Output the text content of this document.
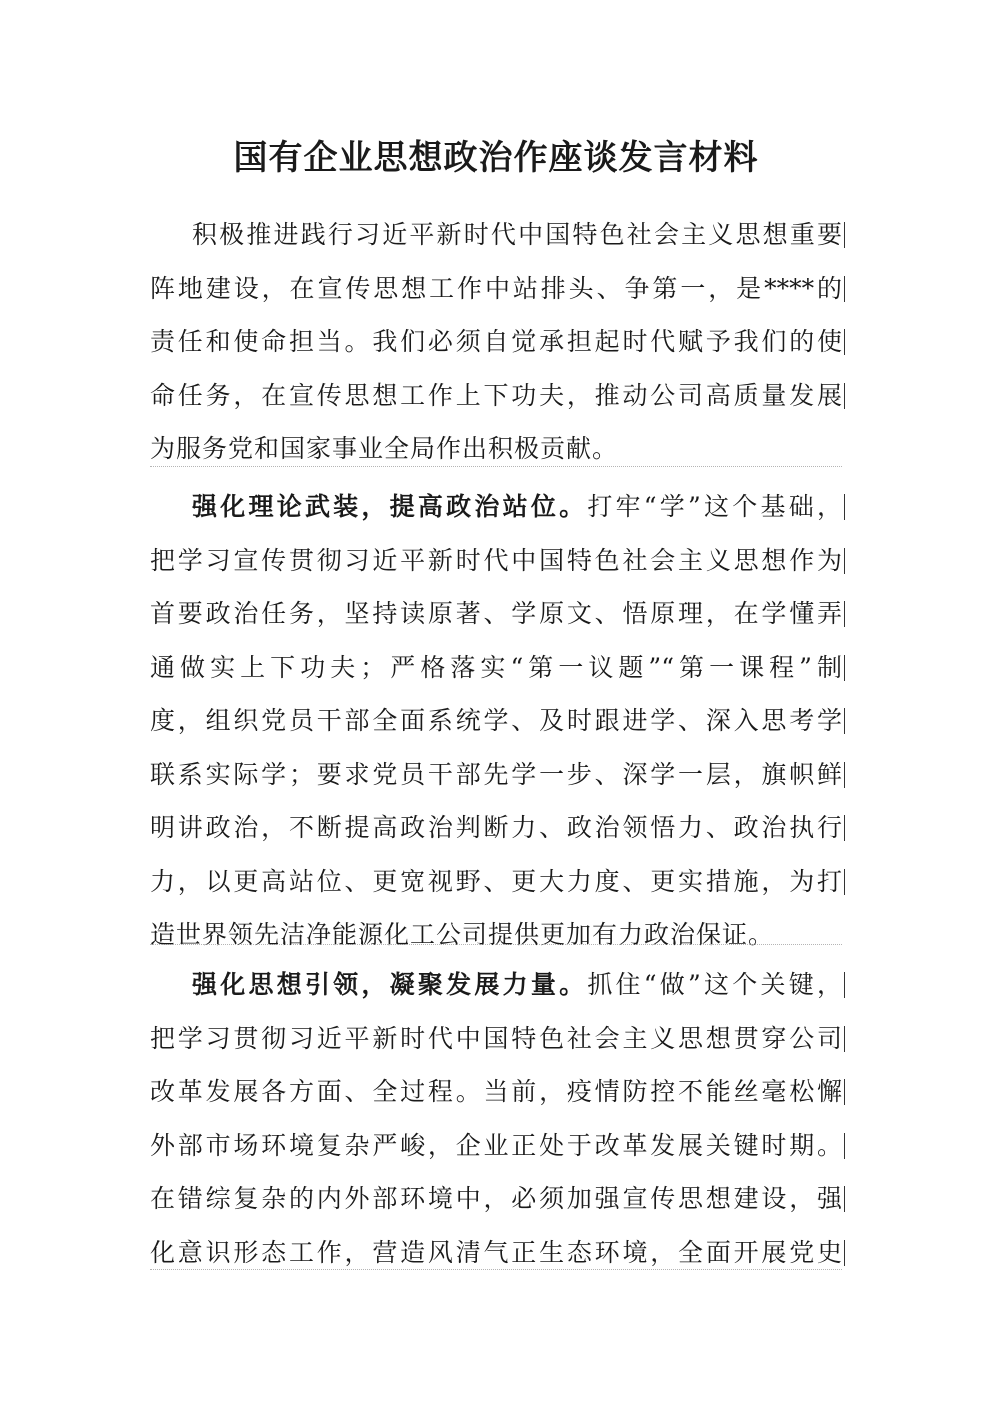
国有企业思想政治作座谈发言材料
积极推进践行习近平新时代中国特色社会主义思想重要
阵地建设，在宣传思想工作中站排头、争第一，是****的
责任和使命担当。我们必须自觉承担起时代赋予我们的使
命任务，在宣传思想工作上下功夫，推动公司高质量发展
为服务党和国家事业全局作出积极贡献。
强化理论武装，提高政治站位。打牢“学”这个基础，
把学习宣传贯彻习近平新时代中国特色社会主义思想作为
首要政治任务，坚持读原著、学原文、悟原理，在学懂弄
通做实上下功夫；严格落实“第一议题”“第一课程”制
度，组织党员干部全面系统学、及时跟进学、深入思考学
联系实际学；要求党员干部先学一步、深学一层，旗帜鲜
明讲政治，不断提高政治判断力、政治领悟力、政治执行
力，以更高站位、更宽视野、更大力度、更实措施，为打
造世界领先洁净能源化工公司提供更加有力政治保证。
强化思想引领，凝聚发展力量。抓住“做”这个关键，
把学习贯彻习近平新时代中国特色社会主义思想贯穿公司
改革发展各方面、全过程。当前，疫情防控不能丝毫松懈
外部市场环境复杂严峻，企业正处于改革发展关键时期。
在错综复杂的内外部环境中，必须加强宣传思想建设，强
化意识形态工作，营造风清气正生态环境，全面开展党史
